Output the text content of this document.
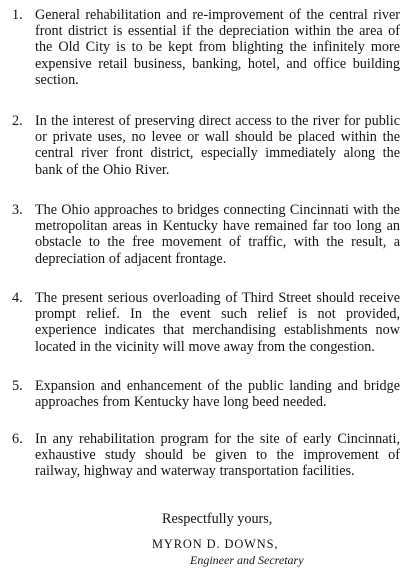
1. General rehabilitation and re-improvement of the central river front district is essential if the depreciation within the area of the Old City is to be kept from blighting the infinitely more expensive retail business, banking, hotel, and office building section.
2. In the interest of preserving direct access to the river for public or private uses, no levee or wall should be placed within the central river front district, especially immediately along the bank of the Ohio River.
3. The Ohio approaches to bridges connecting Cincinnati with the metropolitan areas in Kentucky have remained far too long an obstacle to the free movement of traffic, with the result, a depreciation of adjacent frontage.
4. The present serious overloading of Third Street should receive prompt relief. In the event such relief is not provided, experience indicates that merchandising establishments now located in the vicinity will move away from the congestion.
5. Expansion and enhancement of the public landing and bridge approaches from Kentucky have long beed needed.
6. In any rehabilitation program for the site of early Cincinnati, exhaustive study should be given to the improvement of railway, highway and waterway transportation facilities.
Respectfully yours,
MYRON D. DOWNS,
Engineer and Secretary
